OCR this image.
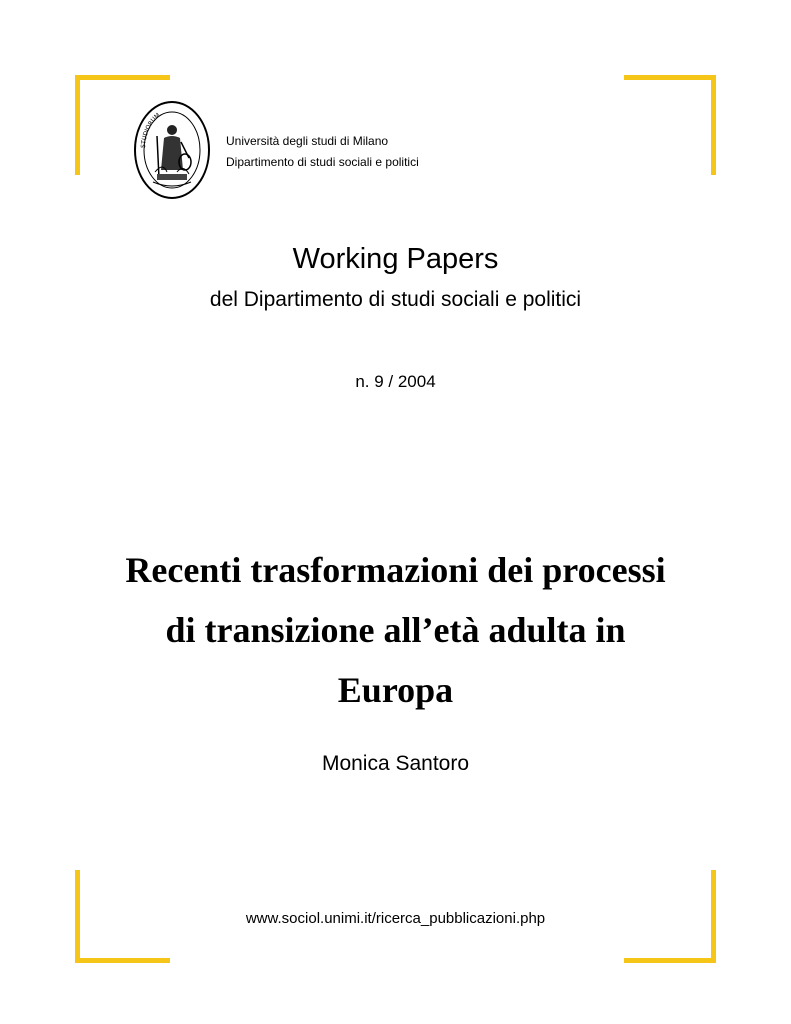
STUDIORUM
Università degli studi di Milano
Dipartimento di studi sociali e politici
Working Papers
del Dipartimento di studi sociali e politici
n. 9 / 2004
Recenti trasformazioni dei processi
di transizione all’età adulta in
Europa
Monica Santoro
www.sociol.unimi.it/ricerca_pubblicazioni.php
